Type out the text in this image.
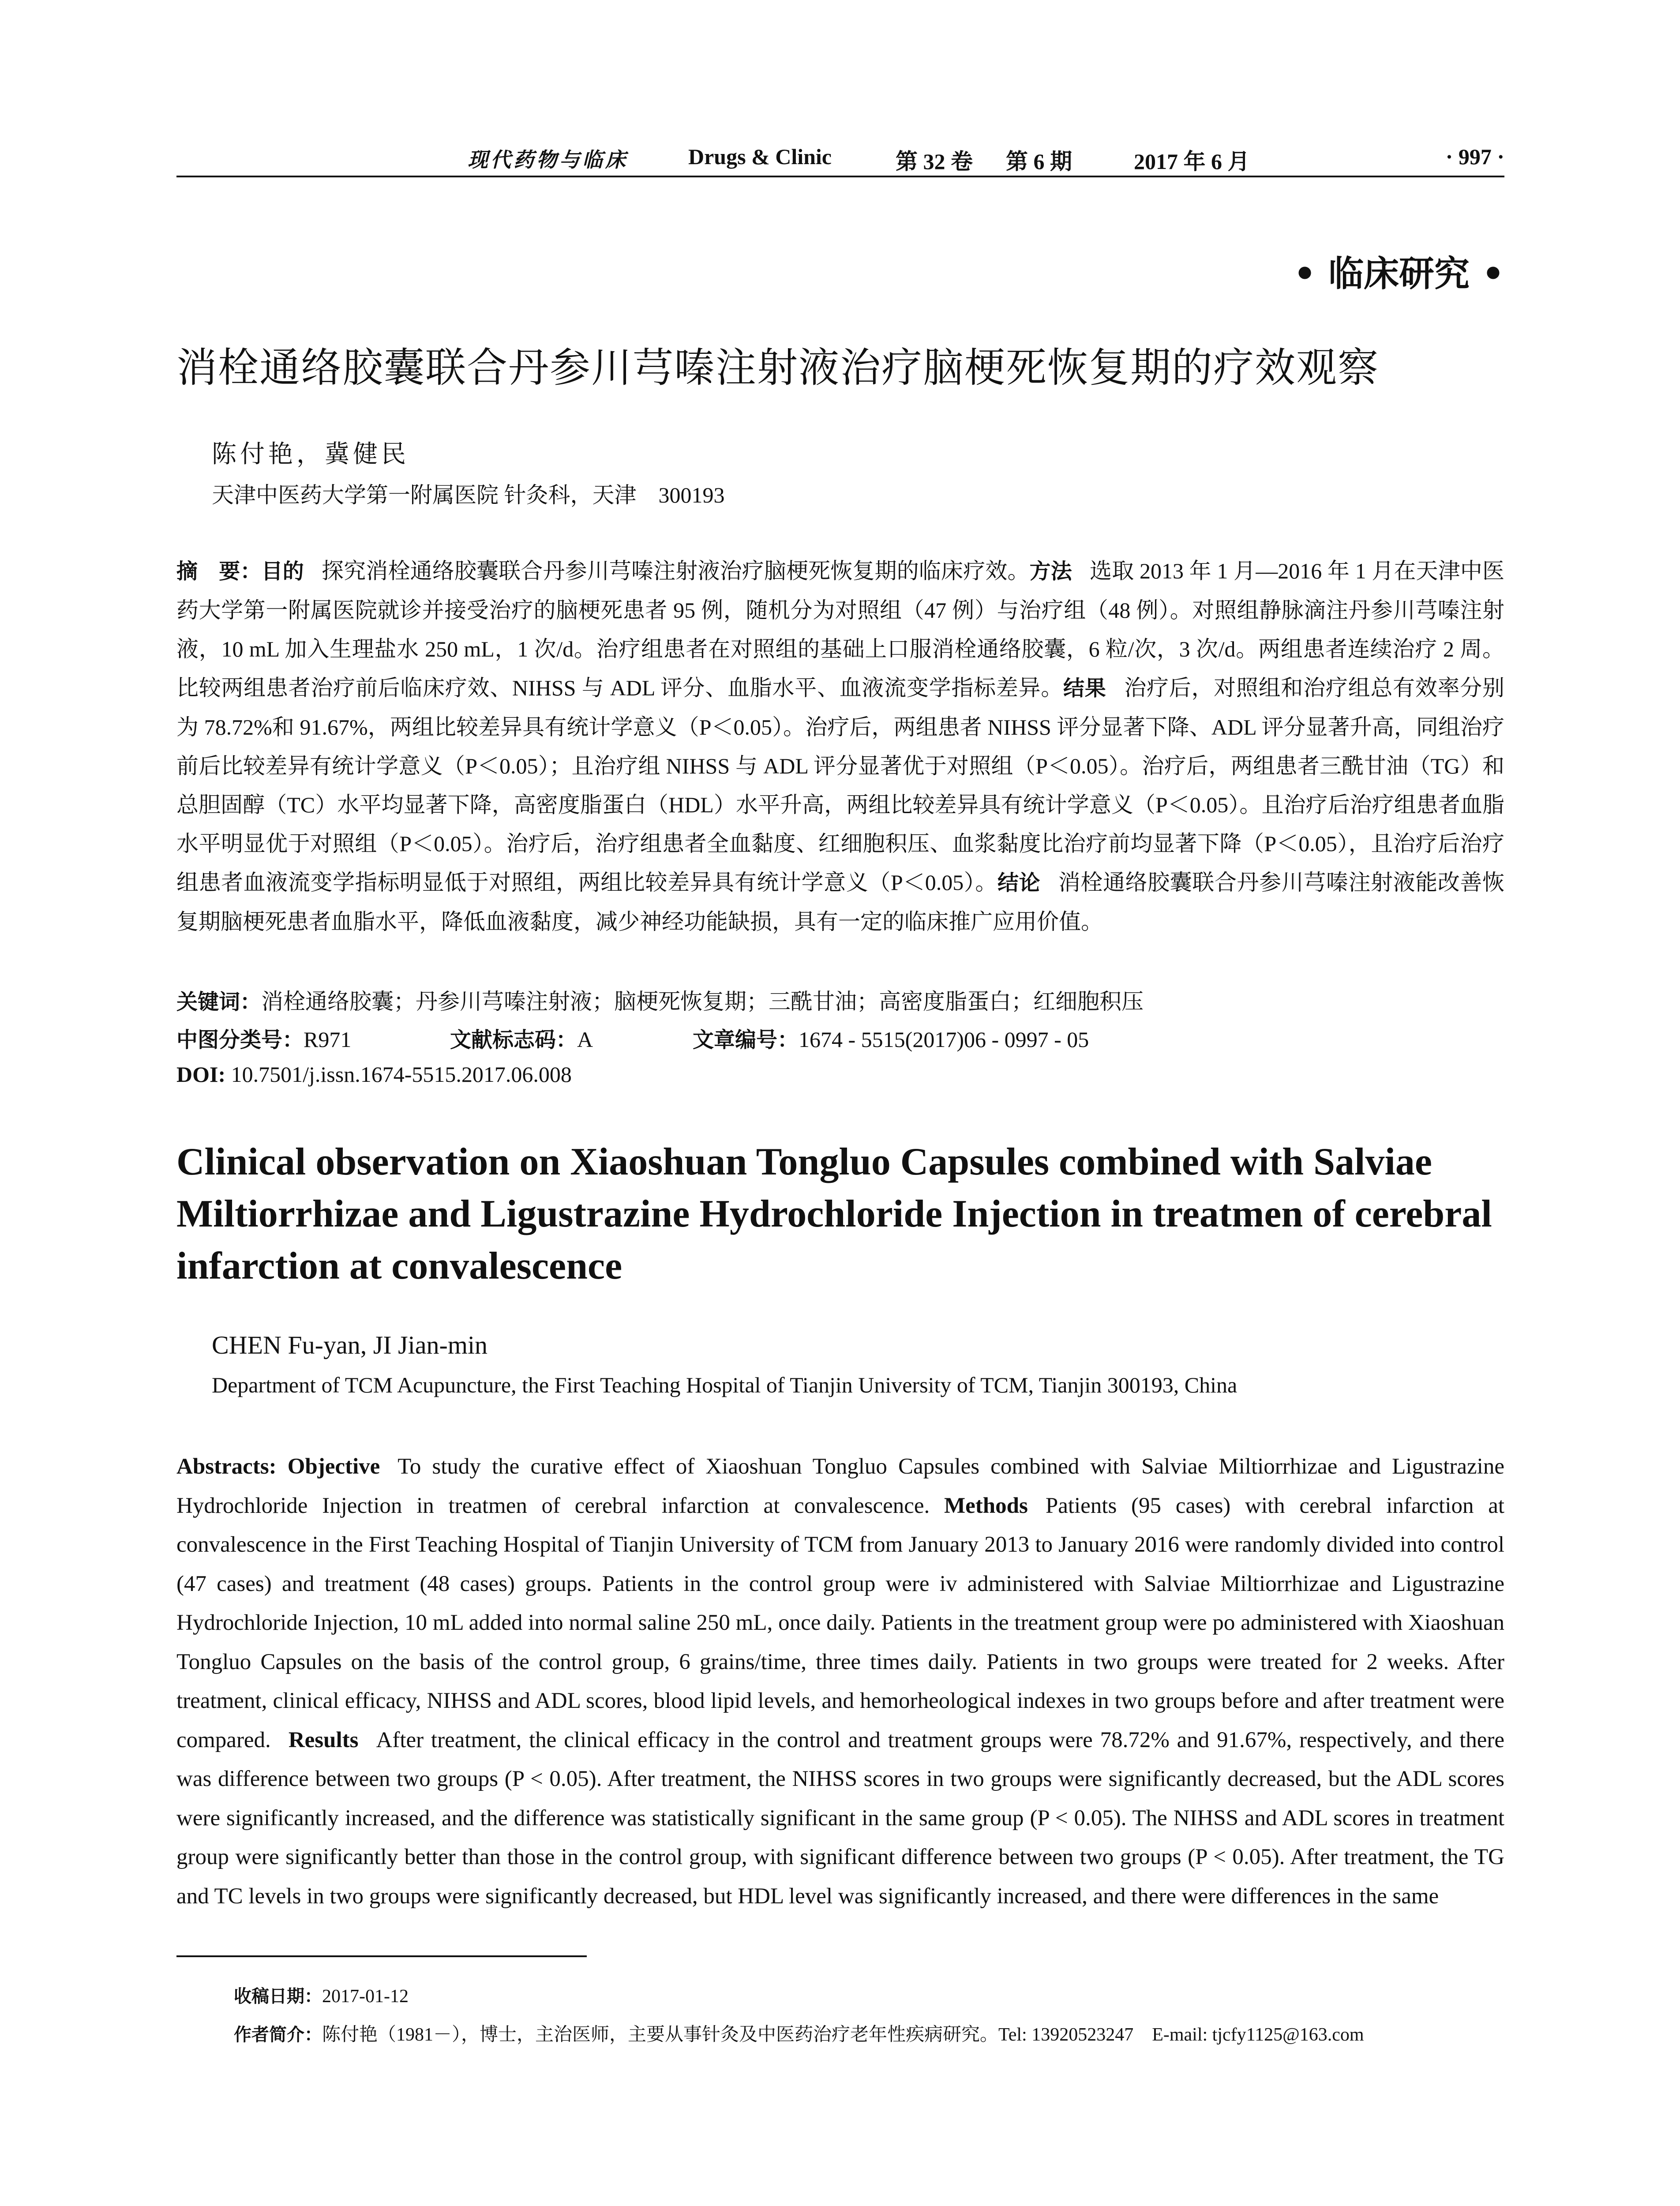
现代药物与临床	Drugs & Clinic	第 32 卷 第 6 期	2017 年 6 月	· 997 ·
• 临床研究 •
消栓通络胶囊联合丹参川芎嗪注射液治疗脑梗死恢复期的疗效观察
陈付艳，冀健民
天津中医药大学第一附属医院 针灸科，天津　300193
摘　要：目的 探究消栓通络胶囊联合丹参川芎嗪注射液治疗脑梗死恢复期的临床疗效。方法 选取 2013 年 1 月—2016 年 1 月在天津中医药大学第一附属医院就诊并接受治疗的脑梗死患者 95 例，随机分为对照组（47 例）与治疗组（48 例）。对照组静脉滴注丹参川芎嗪注射液，10 mL 加入生理盐水 250 mL，1 次/d。治疗组患者在对照组的基础上口服消栓通络胶囊，6 粒/次，3 次/d。两组患者连续治疗 2 周。比较两组患者治疗前后临床疗效、NIHSS 与 ADL 评分、血脂水平、血液流变学指标差异。结果 治疗后，对照组和治疗组总有效率分别为 78.72%和 91.67%，两组比较差异具有统计学意义（P＜0.05）。治疗后，两组患者 NIHSS 评分显著下降、ADL 评分显著升高，同组治疗前后比较差异有统计学意义（P＜0.05）；且治疗组 NIHSS 与 ADL 评分显著优于对照组（P＜0.05）。治疗后，两组患者三酰甘油（TG）和总胆固醇（TC）水平均显著下降，高密度脂蛋白（HDL）水平升高，两组比较差异具有统计学意义（P＜0.05）。且治疗后治疗组患者血脂水平明显优于对照组（P＜0.05）。治疗后，治疗组患者全血黏度、红细胞积压、血浆黏度比治疗前均显著下降（P＜0.05），且治疗后治疗组患者血液流变学指标明显低于对照组，两组比较差异具有统计学意义（P＜0.05）。结论 消栓通络胶囊联合丹参川芎嗪注射液能改善恢复期脑梗死患者血脂水平，降低血液黏度，减少神经功能缺损，具有一定的临床推广应用价值。
关键词：消栓通络胶囊；丹参川芎嗪注射液；脑梗死恢复期；三酰甘油；高密度脂蛋白；红细胞积压
中图分类号：R971	文献标志码：A	文章编号：1674 - 5515(2017)06 - 0997 - 05
DOI: 10.7501/j.issn.1674-5515.2017.06.008
Clinical observation on Xiaoshuan Tongluo Capsules combined with Salviae Miltiorrhizae and Ligustrazine Hydrochloride Injection in treatmen of cerebral infarction at convalescence
CHEN Fu-yan, JI Jian-min
Department of TCM Acupuncture, the First Teaching Hospital of Tianjin University of TCM, Tianjin 300193, China
Abstracts: Objective To study the curative effect of Xiaoshuan Tongluo Capsules combined with Salviae Miltiorrhizae and Ligustrazine Hydrochloride Injection in treatmen of cerebral infarction at convalescence. Methods Patients (95 cases) with cerebral infarction at convalescence in the First Teaching Hospital of Tianjin University of TCM from January 2013 to January 2016 were randomly divided into control (47 cases) and treatment (48 cases) groups. Patients in the control group were iv administered with Salviae Miltiorrhizae and Ligustrazine Hydrochloride Injection, 10 mL added into normal saline 250 mL, once daily. Patients in the treatment group were po administered with Xiaoshuan Tongluo Capsules on the basis of the control group, 6 grains/time, three times daily. Patients in two groups were treated for 2 weeks. After treatment, clinical efficacy, NIHSS and ADL scores, blood lipid levels, and hemorheological indexes in two groups before and after treatment were compared. Results After treatment, the clinical efficacy in the control and treatment groups were 78.72% and 91.67%, respectively, and there was difference between two groups (P < 0.05). After treatment, the NIHSS scores in two groups were significantly decreased, but the ADL scores were significantly increased, and the difference was statistically significant in the same group (P < 0.05). The NIHSS and ADL scores in treatment group were significantly better than those in the control group, with significant difference between two groups (P < 0.05). After treatment, the TG and TC levels in two groups were significantly decreased, but HDL level was significantly increased, and there were differences in the same
收稿日期：2017-01-12
作者简介：陈付艳（1981－），博士，主治医师，主要从事针灸及中医药治疗老年性疾病研究。Tel: 13920523247　E-mail: tjcfy1125@163.com
